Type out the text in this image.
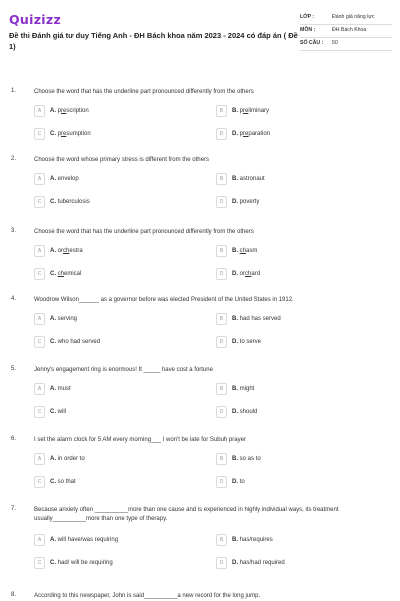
Quizizz
Đề thi Đánh giá tư duy Tiếng Anh - ĐH Bách khoa năm 2023 - 2024 có đáp án ( Đề 1)
LỚP :	Đánh giá năng lực
MÔN :	ĐH Bách Khoa
SỐ CÂU :	50
1.	Choose the word that has the underline part pronounced differently from the others
A	A. prescription	B	B. preliminary
C	C. presumption	D	D. preparation
2.	Choose the word whose primary stress is different from the others
A	A. envelop	B	B. astronaut
C	C. tuberculosis	D	D. poverty
3.	Choose the word that has the underline part pronounced differently from the others
A	A. orchestra	B	B. chasm
C	C. chemical	D	D. orchard
4.	Woodrow Wilson______ as a governor before was elected President of the United States in 1912.
A	A. serving	B	B. had has served
C	C. who had served	D	D. to serve
5.	Jenny's engagement ring is enormous! It _____ have cost a fortune
A	A. must	B	B. might
C	C. will	D	D. should
6.	I set the alarm clock for 5 AM every morning___ I won't be late for Subuh prayer
A	A. in order to	B	B. so as to
C	C. so that	D	D. to
7.	Because anxiety often __________more than one cause and is experienced in highly individual ways, its treatment usually__________more than one type of therapy.
A	A. will have/was requiring	B	B. has/requires
C	C. had/ will be requiring	D	D. has/had required
8.	According to this newspaper, John is said__________a new record for the long jump.
